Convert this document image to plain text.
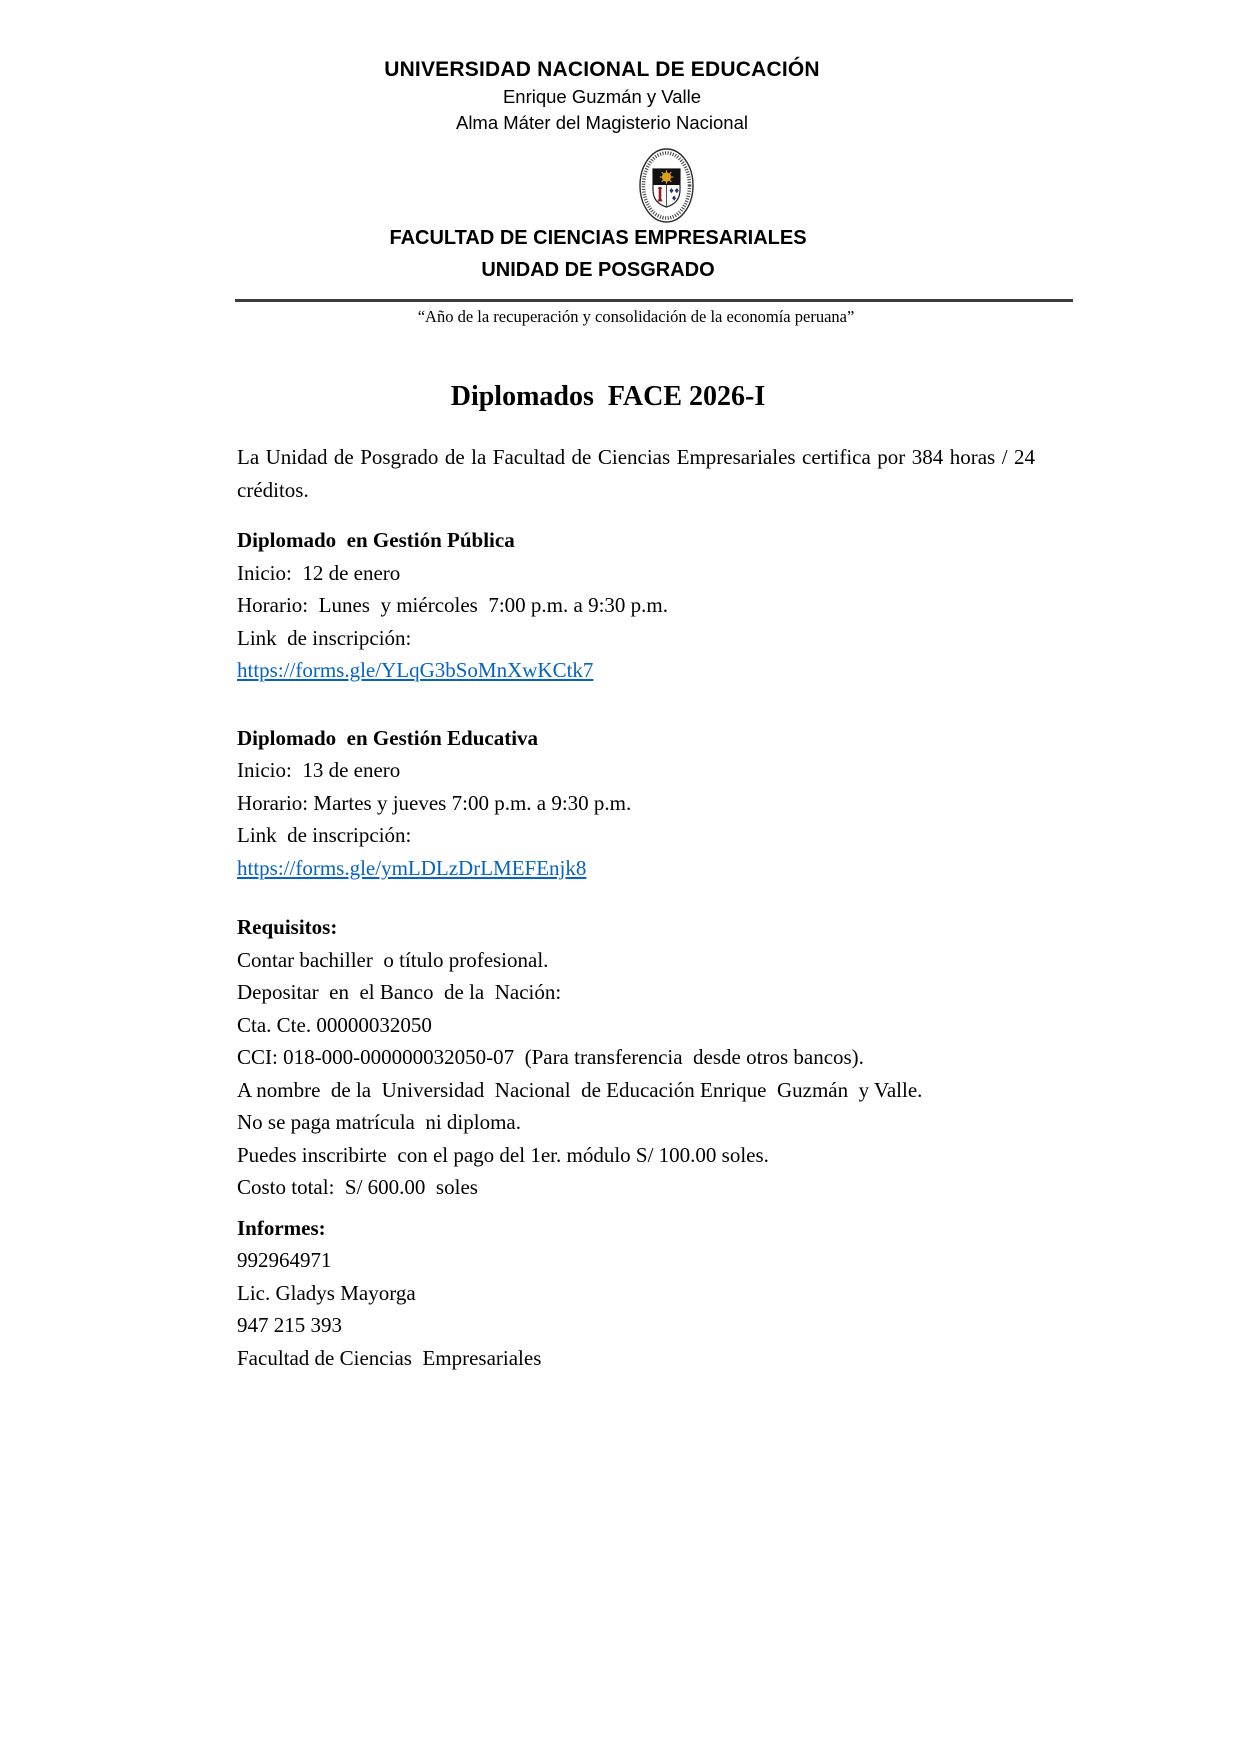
UNIVERSIDAD NACIONAL DE EDUCACIÓN
Enrique Guzmán y Valle
Alma Máter del Magisterio Nacional
FACULTAD DE CIENCIAS EMPRESARIALES
UNIDAD DE POSGRADO
“Año de la recuperación y consolidación de la economía peruana”
Diplomados  FACE 2026-I

La Unidad de Posgrado de la Facultad de Ciencias Empresariales certifica por 384 horas / 24 créditos.

Diplomado  en Gestión Pública

Inicio:  12 de enero

Horario:  Lunes  y miércoles  7:00 p.m. a 9:30 p.m.

Link  de inscripción:

https://forms.gle/YLqG3bSoMnXwKCtk7

Diplomado  en Gestión Educativa

Inicio:  13 de enero

Horario: Martes y jueves 7:00 p.m. a 9:30 p.m.

Link  de inscripción:

https://forms.gle/ymLDLzDrLMEFEnjk8

Requisitos:

Contar bachiller  o título profesional.

Depositar  en  el Banco  de la  Nación:

Cta. Cte. 00000032050

CCI: 018-000-000000032050-07  (Para transferencia  desde otros bancos).

A nombre  de la  Universidad  Nacional  de Educación Enrique  Guzmán  y Valle.

No se paga matrícula  ni diploma.

Puedes inscribirte  con el pago del 1er. módulo S/ 100.00 soles.

Costo total:  S/ 600.00  soles

Informes:

992964971

Lic. Gladys Mayorga

947 215 393

Facultad de Ciencias  Empresariales
